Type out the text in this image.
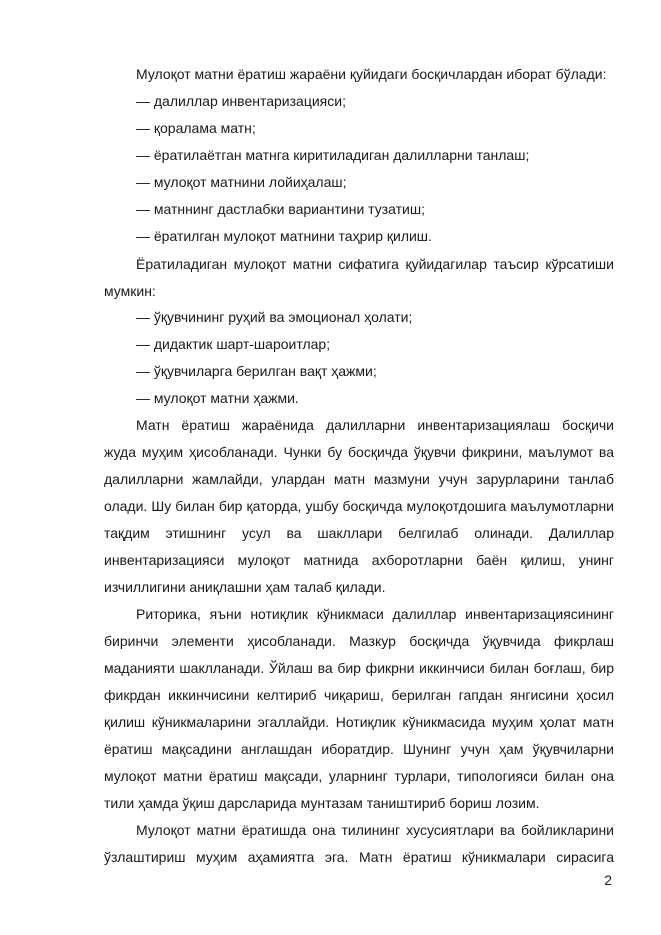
Мулоқот матни ёратиш жараёни қуйидаги босқичлардан иборат бўлади:
— далиллар инвентаризацияси;
— қоралама матн;
— ёратилаётган матнга киритиладиган далилларни танлаш;
— мулоқот матнини лойиҳалаш;
— матннинг дастлабки вариантини тузатиш;
— ёратилган мулоқот матнини таҳрир қилиш.
Ёратиладиган мулоқот матни сифатига қуйидагилар таъсир кўрсатиши
мумкин:
— ўқувчининг руҳий ва эмоционал ҳолати;
— дидактик шарт-шароитлар;
— ўқувчиларга берилган вақт ҳажми;
— мулоқот матни ҳажми.
Матн ёратиш жараёнида далилларни инвентаризациялаш босқичи
жуда муҳим ҳисобланади. Чунки бу босқичда ўқувчи фикрини, маълумот ва
далилларни жамлайди, улардан матн мазмуни учун зарурларини танлаб
олади. Шу билан бир қаторда, ушбу босқичда мулоқотдошига маълумотларни
тақдим этишнинг усул ва шакллари белгилаб олинади. Далиллар
инвентаризацияси мулоқот матнида ахборотларни баён қилиш, унинг
изчиллигини аниқлашни ҳам талаб қилади.
Риторика, яъни нотиқлик кўникмаси далиллар инвентаризациясининг
биринчи элементи ҳисобланади. Мазкур босқичда ўқувчида фикрлаш
маданияти шаклланади. Ўйлаш ва бир фикрни иккинчиси билан боғлаш, бир
фикрдан иккинчисини келтириб чиқариш, берилган гапдан янгисини ҳосил
қилиш кўникмаларини эгаллайди. Нотиқлик кўникмасида муҳим ҳолат матн
ёратиш мақсадини англашдан иборатдир. Шунинг учун ҳам ўқувчиларни
мулоқот матни ёратиш мақсади, уларнинг турлари, типологияси билан она
тили ҳамда ўқиш дарсларида мунтазам таништириб бориш лозим.
Мулоқот матни ёратишда она тилининг хусусиятлари ва бойликларини
ўзлаштириш муҳим аҳамиятга эга. Матн ёратиш кўникмалари сирасига
2
